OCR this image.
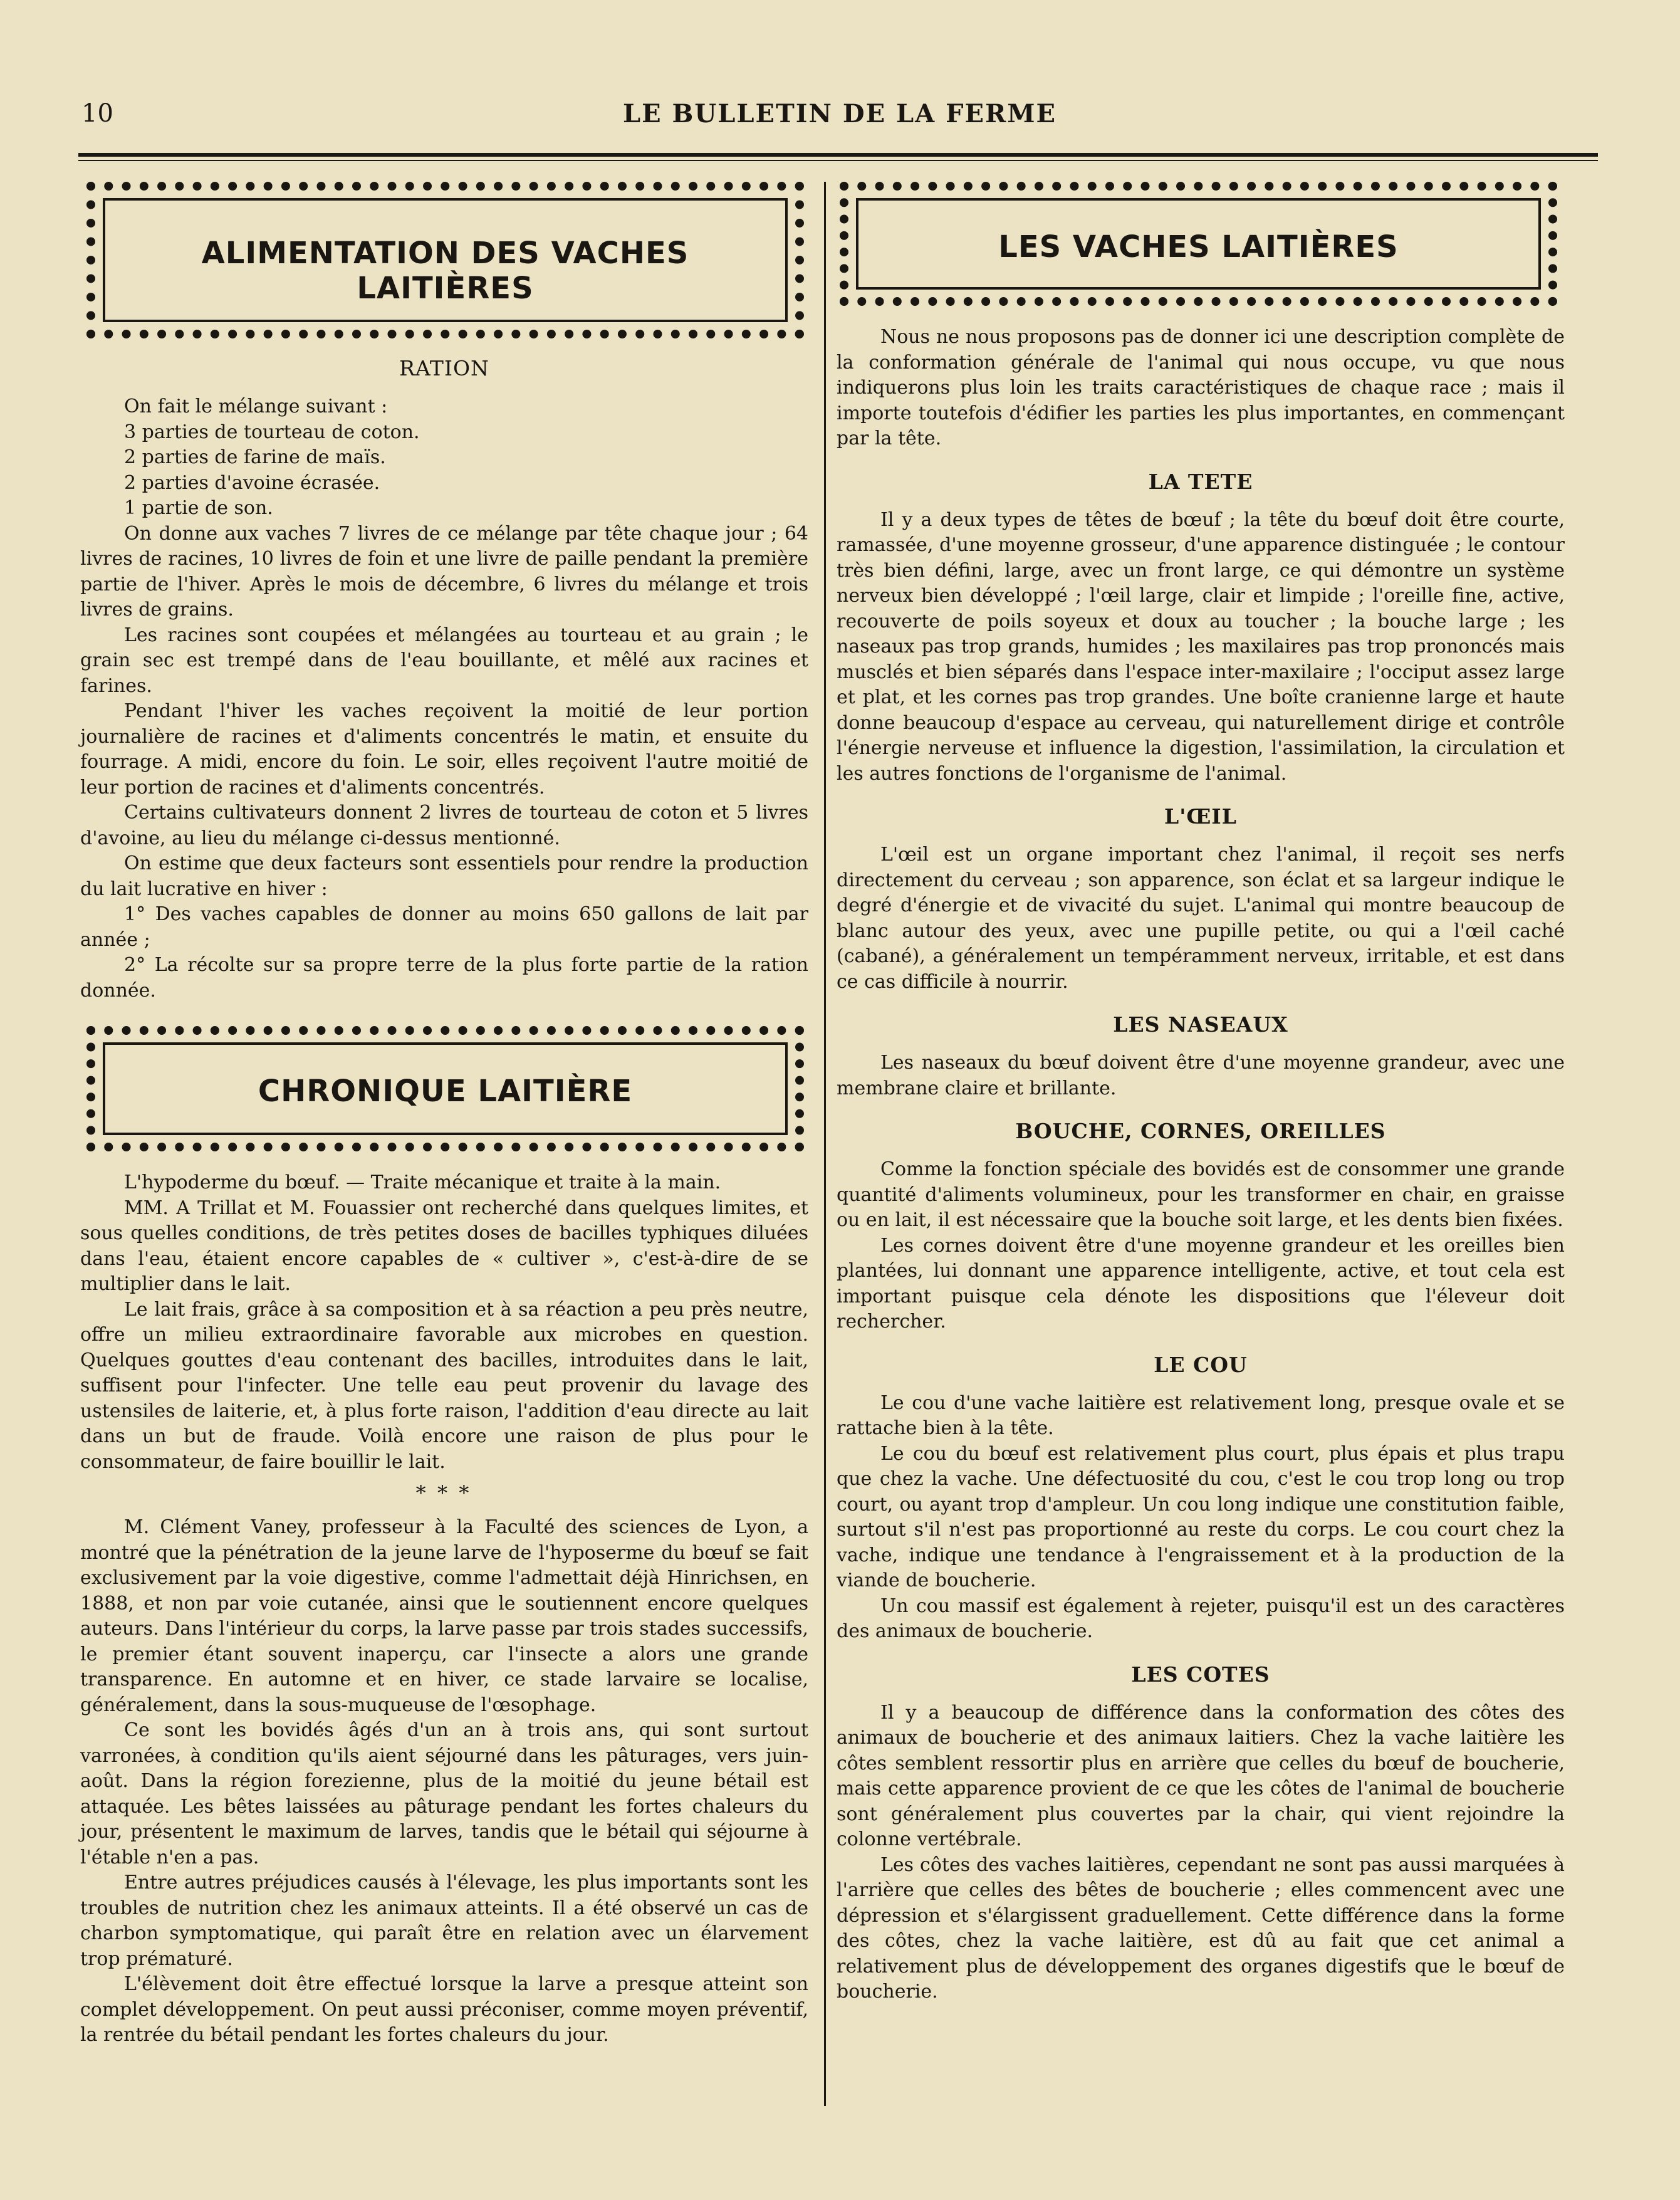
10	LE BULLETIN DE LA FERME
ALIMENTATION DES VACHES
LAITIÈRES
RATION

On fait le mélange suivant :

3 parties de tourteau de coton.

2 parties de farine de maïs.

2 parties d'avoine écrasée.

1 partie de son.

On donne aux vaches 7 livres de ce mélange par tête chaque jour ; 64 livres de racines, 10 livres de foin et une livre de paille pendant la première partie de l'hiver. Après le mois de décembre, 6 livres du mélange et trois livres de grains.

Les racines sont coupées et mélangées au tourteau et au grain ; le grain sec est trempé dans de l'eau bouillante, et mêlé aux racines et farines.

Pendant l'hiver les vaches reçoivent la moitié de leur portion journalière de racines et d'aliments concentrés le matin, et ensuite du fourrage. A midi, encore du foin. Le soir, elles reçoivent l'autre moitié de leur portion de racines et d'aliments concentrés.

Certains cultivateurs donnent 2 livres de tourteau de coton et 5 livres d'avoine, au lieu du mélange ci-dessus mentionné.

On estime que deux facteurs sont essentiels pour rendre la production du lait lucrative en hiver :

1° Des vaches capables de donner au moins 650 gallons de lait par année ;

2° La récolte sur sa propre terre de la plus forte partie de la ration donnée.

CHRONIQUE LAITIÈRE

L'hypoderme du bœuf. — Traite mécanique et traite à la main.

MM. A Trillat et M. Fouassier ont recherché dans quelques limites, et sous quelles conditions, de très petites doses de bacilles typhiques diluées dans l'eau, étaient encore capables de « cultiver », c'est-à-dire de se multiplier dans le lait.

Le lait frais, grâce à sa composition et à sa réaction a peu près neutre, offre un milieu extraordinaire favorable aux microbes en question. Quelques gouttes d'eau contenant des bacilles, introduites dans le lait, suffisent pour l'infecter. Une telle eau peut provenir du lavage des ustensiles de laiterie, et, à plus forte raison, l'addition d'eau directe au lait dans un but de fraude. Voilà encore une raison de plus pour le consommateur, de faire bouillir le lait.

* * *

M. Clément Vaney, professeur à la Faculté des sciences de Lyon, a montré que la pénétration de la jeune larve de l'hyposerme du bœuf se fait exclusivement par la voie digestive, comme l'admettait déjà Hinrichsen, en 1888, et non par voie cutanée, ainsi que le soutiennent encore quelques auteurs. Dans l'intérieur du corps, la larve passe par trois stades successifs, le premier étant souvent inaperçu, car l'insecte a alors une grande transparence. En automne et en hiver, ce stade larvaire se localise, généralement, dans la sous-muqueuse de l'œsophage.

Ce sont les bovidés âgés d'un an à trois ans, qui sont surtout varronées, à condition qu'ils aient séjourné dans les pâturages, vers juin-août. Dans la région forezienne, plus de la moitié du jeune bétail est attaquée. Les bêtes laissées au pâturage pendant les fortes chaleurs du jour, présentent le maximum de larves, tandis que le bétail qui séjourne à l'étable n'en a pas.

Entre autres préjudices causés à l'élevage, les plus importants sont les troubles de nutrition chez les animaux atteints. Il a été observé un cas de charbon symptomatique, qui paraît être en relation avec un élarvement trop prématuré.

L'élèvement doit être effectué lorsque la larve a presque atteint son complet développement. On peut aussi préconiser, comme moyen préventif, la rentrée du bétail pendant les fortes chaleurs du jour.

LES VACHES LAITIÈRES

Nous ne nous proposons pas de donner ici une description complète de la conformation générale de l'animal qui nous occupe, vu que nous indiquerons plus loin les traits caractéristiques de chaque race ; mais il importe toutefois d'édifier les parties les plus importantes, en commençant par la tête.

LA TETE

Il y a deux types de têtes de bœuf ; la tête du bœuf doit être courte, ramassée, d'une moyenne grosseur, d'une apparence distinguée ; le contour très bien défini, large, avec un front large, ce qui démontre un système nerveux bien développé ; l'œil large, clair et limpide ; l'oreille fine, active, recouverte de poils soyeux et doux au toucher ; la bouche large ; les naseaux pas trop grands, humides ; les maxilaires pas trop prononcés mais musclés et bien séparés dans l'espace inter-maxilaire ; l'occiput assez large et plat, et les cornes pas trop grandes. Une boîte cranienne large et haute donne beaucoup d'espace au cerveau, qui naturellement dirige et contrôle l'énergie nerveuse et influence la digestion, l'assimilation, la circulation et les autres fonctions de l'organisme de l'animal.

L'ŒIL

L'œil est un organe important chez l'animal, il reçoit ses nerfs directement du cerveau ; son apparence, son éclat et sa largeur indique le degré d'énergie et de vivacité du sujet. L'animal qui montre beaucoup de blanc autour des yeux, avec une pupille petite, ou qui a l'œil caché (cabané), a généralement un tempéramment nerveux, irritable, et est dans ce cas difficile à nourrir.

LES NASEAUX

Les naseaux du bœuf doivent être d'une moyenne grandeur, avec une membrane claire et brillante.

BOUCHE, CORNES, OREILLES

Comme la fonction spéciale des bovidés est de consommer une grande quantité d'aliments volumineux, pour les transformer en chair, en graisse ou en lait, il est nécessaire que la bouche soit large, et les dents bien fixées.

Les cornes doivent être d'une moyenne grandeur et les oreilles bien plantées, lui donnant une apparence intelligente, active, et tout cela est important puisque cela dénote les dispositions que l'éleveur doit rechercher.

LE COU

Le cou d'une vache laitière est relativement long, presque ovale et se rattache bien à la tête.

Le cou du bœuf est relativement plus court, plus épais et plus trapu que chez la vache. Une défectuosité du cou, c'est le cou trop long ou trop court, ou ayant trop d'ampleur. Un cou long indique une constitution faible, surtout s'il n'est pas proportionné au reste du corps. Le cou court chez la vache, indique une tendance à l'engraissement et à la production de la viande de boucherie.

Un cou massif est également à rejeter, puisqu'il est un des caractères des animaux de boucherie.

LES COTES

Il y a beaucoup de différence dans la conformation des côtes des animaux de boucherie et des animaux laitiers. Chez la vache laitière les côtes semblent ressortir plus en arrière que celles du bœuf de boucherie, mais cette apparence provient de ce que les côtes de l'animal de boucherie sont généralement plus couvertes par la chair, qui vient rejoindre la colonne vertébrale.

Les côtes des vaches laitières, cependant ne sont pas aussi marquées à l'arrière que celles des bêtes de boucherie ; elles commencent avec une dépression et s'élargissent graduellement. Cette différence dans la forme des côtes, chez la vache laitière, est dû au fait que cet animal a relativement plus de développement des organes digestifs que le bœuf de boucherie.
